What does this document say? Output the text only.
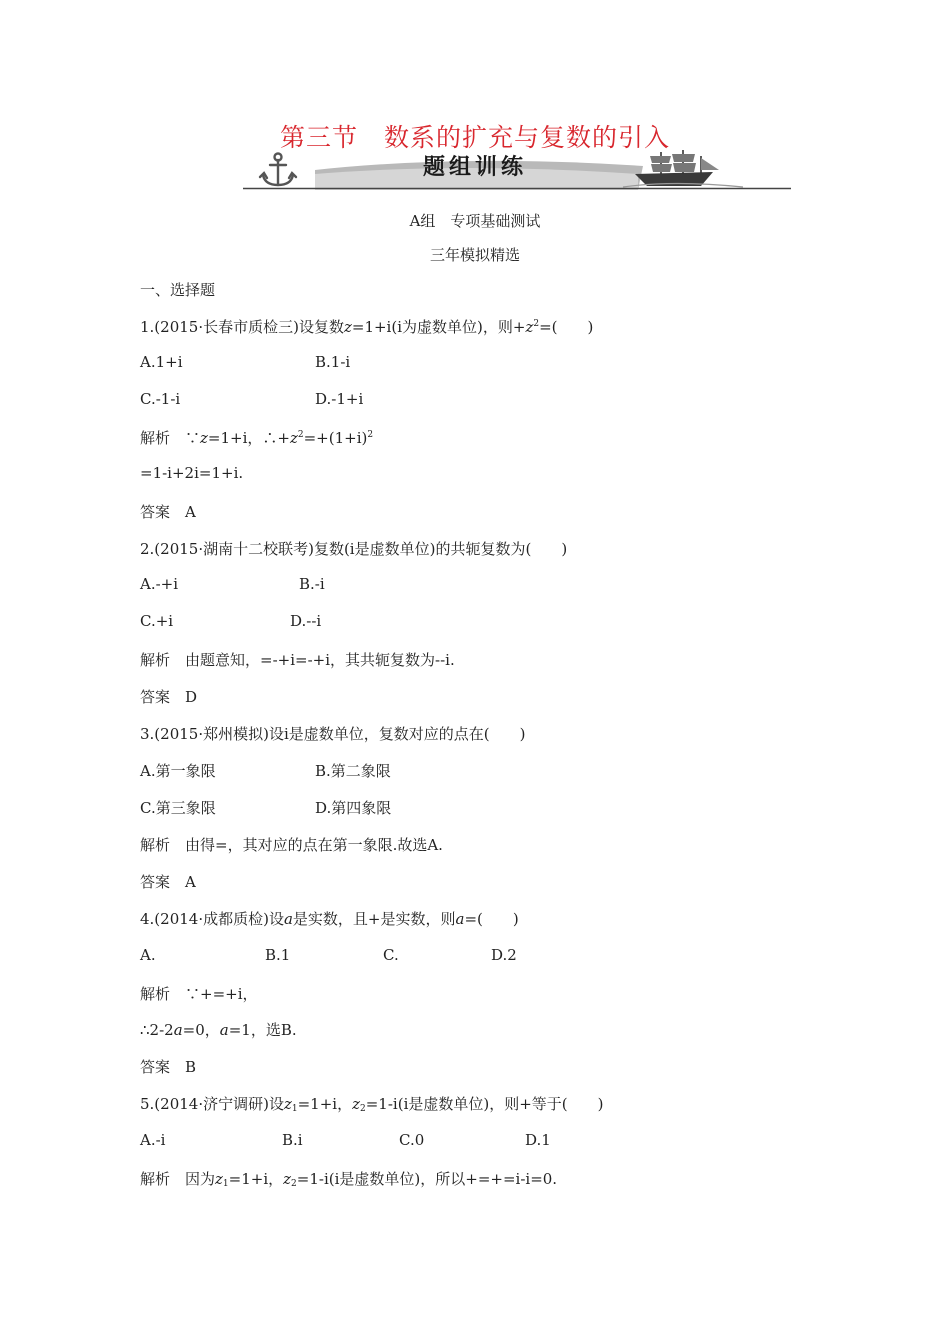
第三节　数系的扩充与复数的引入
题组训练
A组　专项基础测试
三年模拟精选
一、选择题
1.(2015·长春市质检三)设复数z=1+i(i为虚数单位)，则$+z^2=$(　　)
A.1+i	B.1-i
C.-1-i	D.-1+i
解析　∵z=1+i，$\therefore+z^2=+(1+i)^2$
=1-i+2i=1+i.
答案　A
2.(2015·湖南十二校联考)复数(i是虚数单位)的共轭复数为(　　)
A.-+i	B.-i
C.+i	D.--i
解析　由题意知，=-+i=-+i，其共轭复数为--i.
答案　D
3.(2015·郑州模拟)设i是虚数单位，复数对应的点在(　　)
A.第一象限	B.第二象限
C.第三象限	D.第四象限
解析　由得=，其对应的点在第一象限.故选A.
答案　A
4.(2014·成都质检)设a是实数，且+是实数，则a=(　　)
A.	B.1	C.	D.2
解析　∵+=+i，
∴2-2a=0，a=1，选B.
答案　B
5.(2014·济宁调研)设$z_1=1+i$，$z_2=1-i(i$是虚数单位)，则+等于(　　)
A.-i	B.i	C.0	D.1
解析　因为$z_1=1+i$，$z_2=1-i(i$是虚数单位)，所以+=+=i-i=0.
